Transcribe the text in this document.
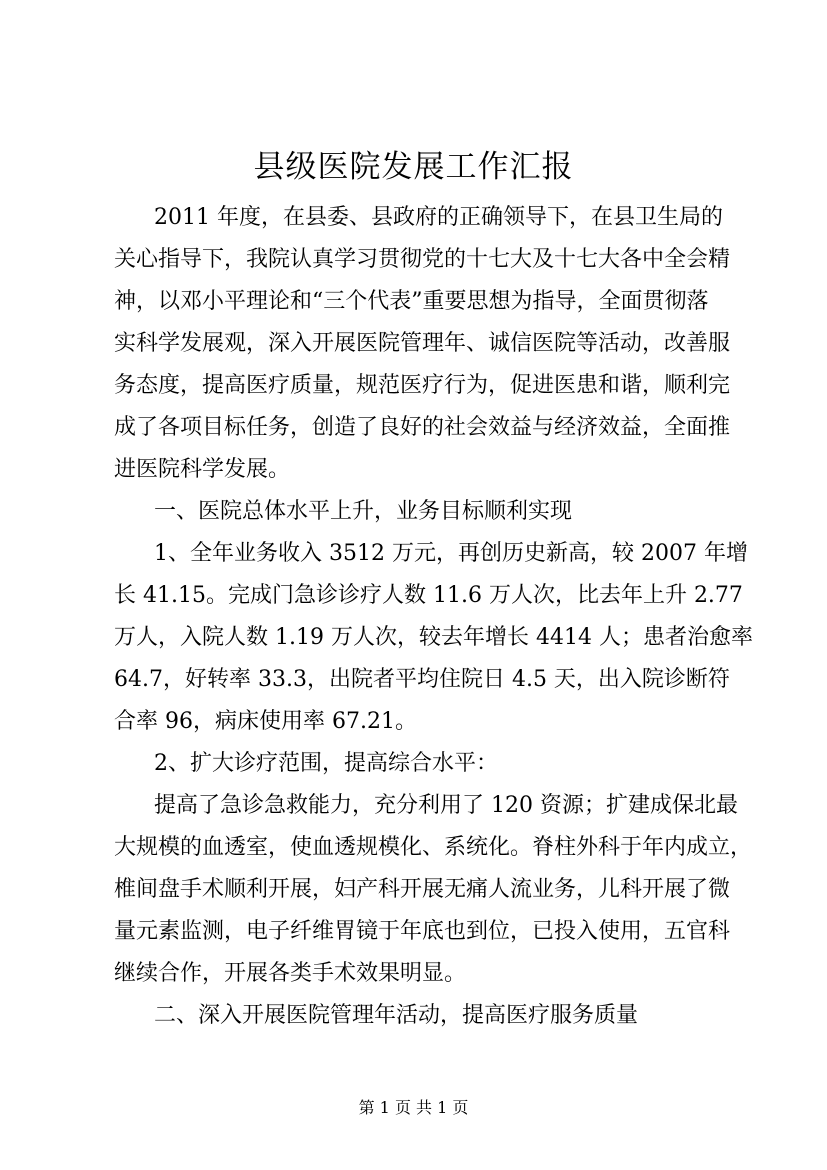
县级医院发展工作汇报
2011 年度，在县委、县政府的正确领导下，在县卫生局的
关心指导下，我院认真学习贯彻党的十七大及十七大各中全会精
神，以邓小平理论和“三个代表”重要思想为指导，全面贯彻落
实科学发展观，深入开展医院管理年、诚信医院等活动，改善服
务态度，提高医疗质量，规范医疗行为，促进医患和谐，顺利完
成了各项目标任务，创造了良好的社会效益与经济效益，全面推
进医院科学发展。
一、医院总体水平上升，业务目标顺利实现
1、全年业务收入 3512 万元，再创历史新高，较 2007 年增
长 41.15。完成门急诊诊疗人数 11.6 万人次，比去年上升 2.77
万人，入院人数 1.19 万人次，较去年增长 4414 人；患者治愈率
64.7，好转率 33.3，出院者平均住院日 4.5 天，出入院诊断符
合率 96，病床使用率 67.21。
2、扩大诊疗范围，提高综合水平：
提高了急诊急救能力，充分利用了 120 资源；扩建成保北最
大规模的血透室，使血透规模化、系统化。脊柱外科于年内成立，
椎间盘手术顺利开展，妇产科开展无痛人流业务，儿科开展了微
量元素监测，电子纤维胃镜于年底也到位，已投入使用，五官科
继续合作，开展各类手术效果明显。
二、深入开展医院管理年活动，提高医疗服务质量
第 1 页 共 1 页
